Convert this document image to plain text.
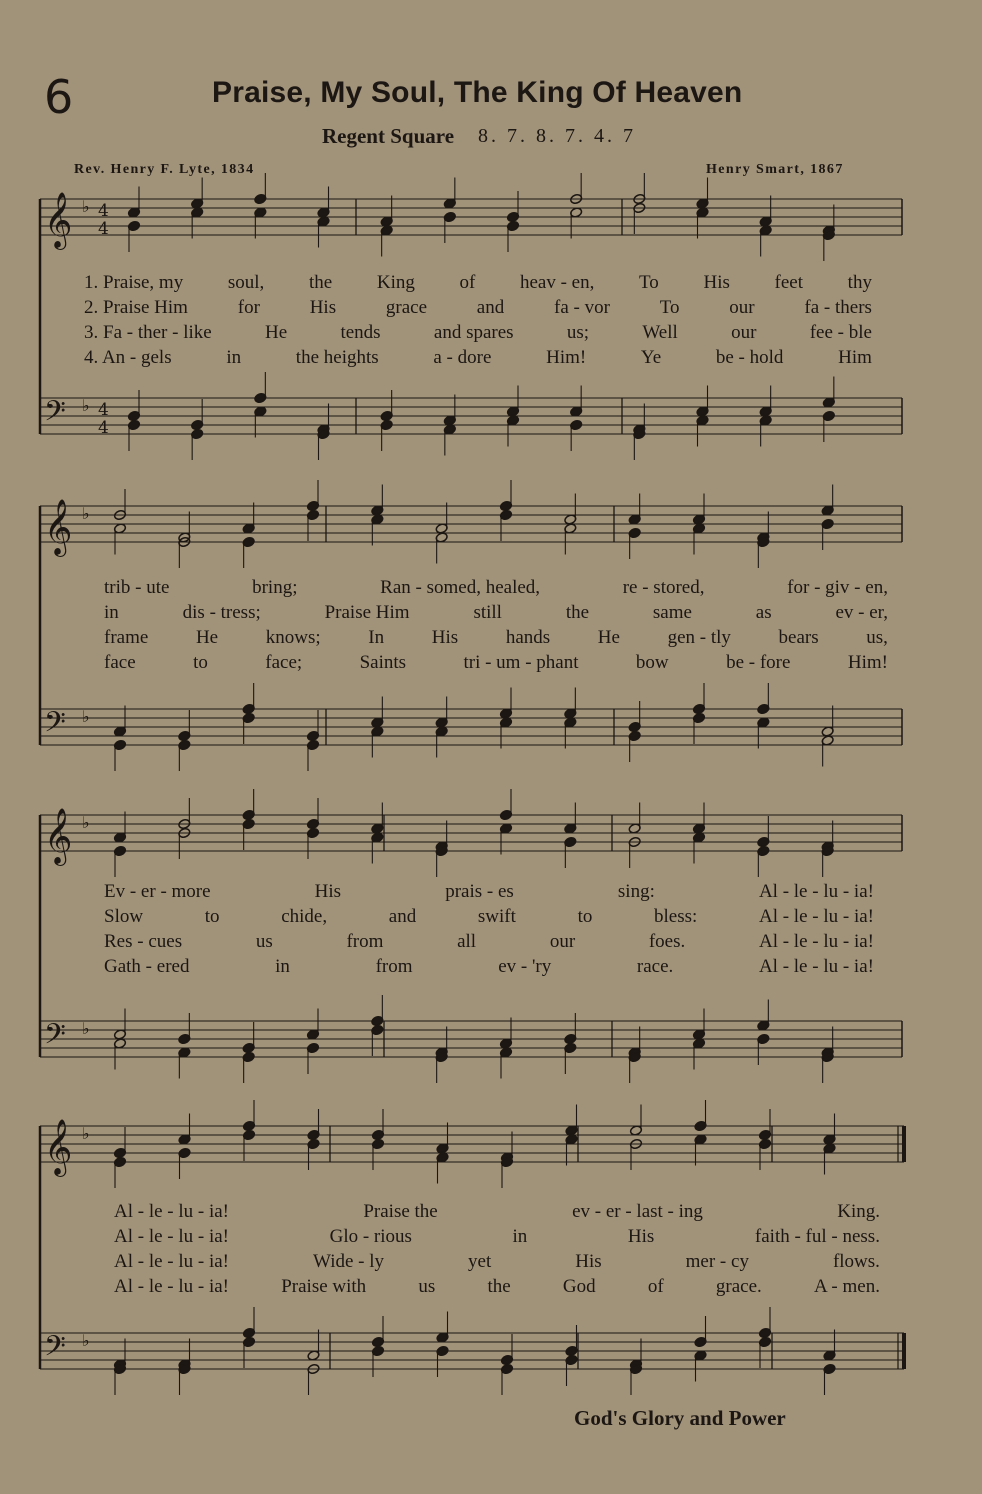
6	Praise, My Soul, The King Of Heaven
Regent Square 8. 7. 8. 7. 4. 7
Rev. Henry F. Lyte, 1834	Henry Smart, 1867
𝄞 ♭ 4
4
𝄢 ♭ 4
4
𝄞 ♭
𝄢 ♭
𝄞 ♭
𝄢 ♭
𝄞 ♭
𝄢 ♭
1. Praise, my soul, the King of heav - en, To His feet thy
2. Praise Him	for	His	grace	and	fa - vor	To	our	fa - thers
3. Fa - ther - like	He	tends	and spares	us;	Well	our	fee - ble
4. An - gels	in	the heights	a - dore	Him!	Ye	be - hold	Him
trib - ute	bring;	Ran - somed, healed,	re - stored,	for - giv - en,
in	dis - tress;	Praise Him	still	the	same	as	ev - er,
frame	He	knows;	In	His	hands	He	gen - tly	bears	us,
face	to	face;	Saints	tri - um - phant	bow	be - fore	Him!
Ev - er - more	His	prais - es	sing:	Al - le - lu - ia!
Slow	to	chide,	and	swift	to	bless:	Al - le - lu - ia!
Res - cues	us	from	all	our	foes.	Al - le - lu - ia!
Gath - ered	in	from	ev - 'ry	race.	Al - le - lu - ia!
Al - le - lu - ia!	Praise the	ev - er - last - ing	King.
Al - le - lu - ia!	Glo - rious	in	His	faith - ful - ness.
Al - le - lu - ia!	Wide - ly	yet	His	mer - cy	flows.
Al - le - lu - ia!	Praise with	us	the	God	of	grace.	A - men.
God's Glory and Power
